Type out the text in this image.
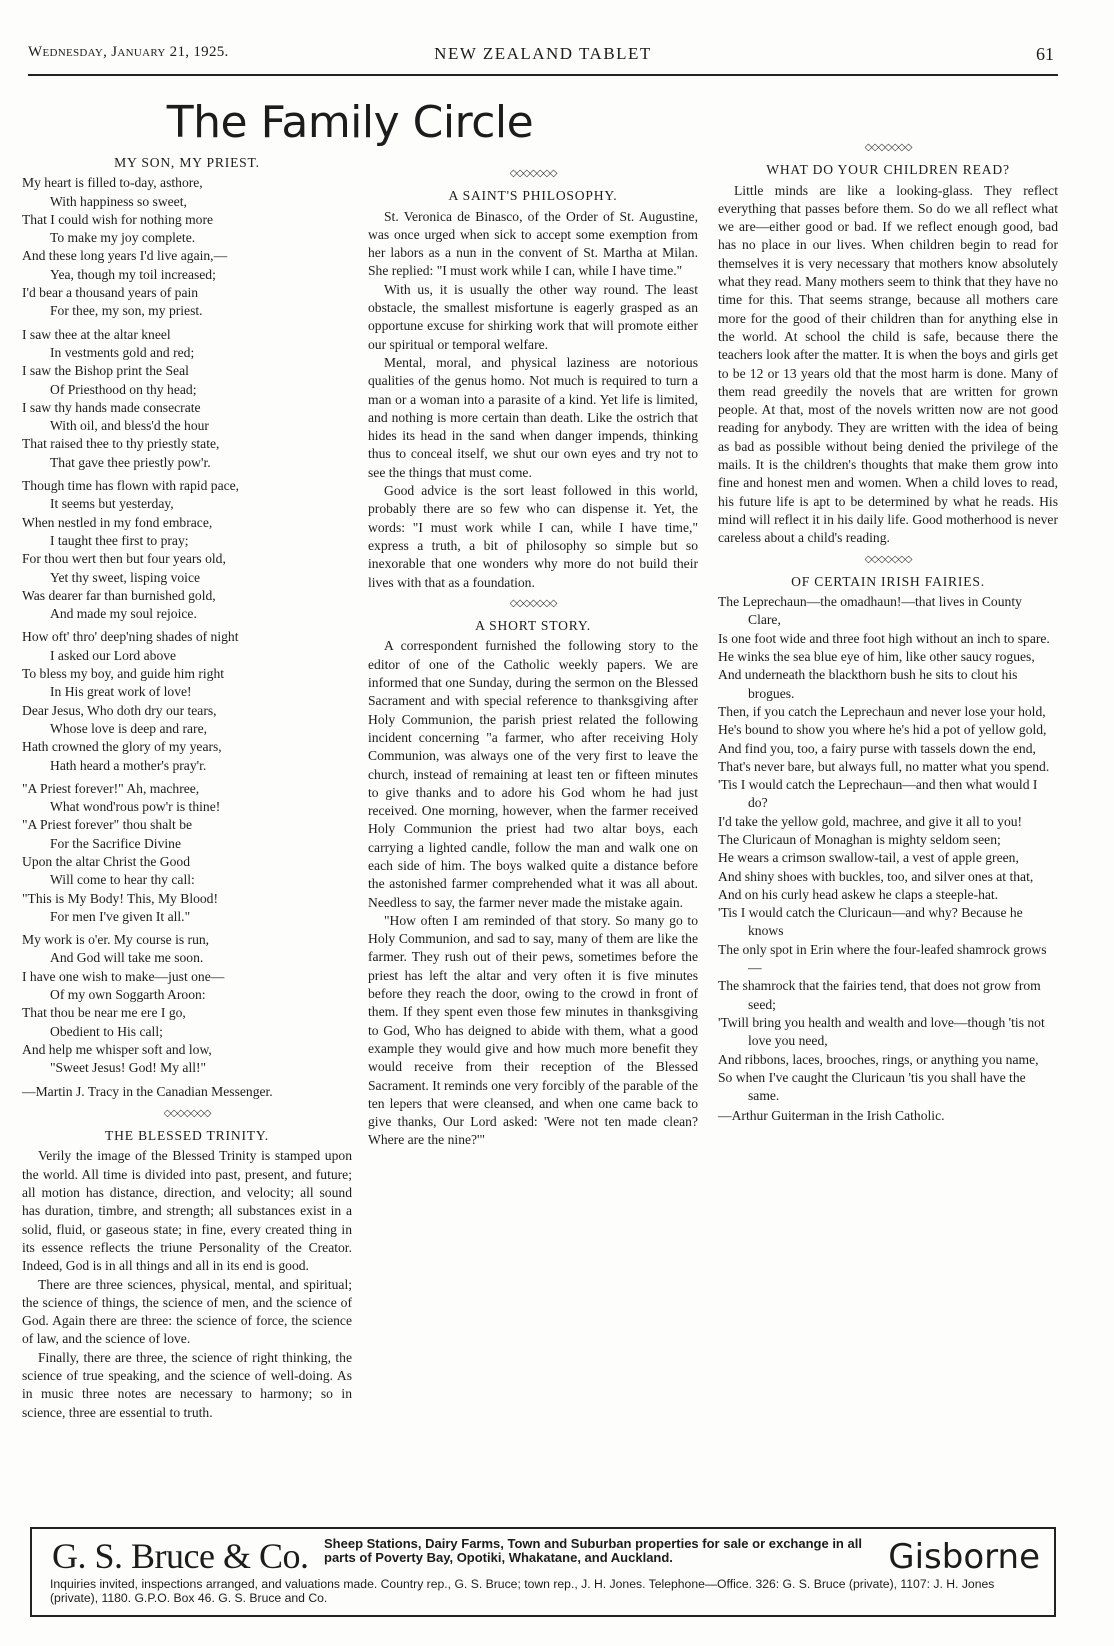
Wednesday, January 21, 1925.	NEW ZEALAND TABLET	61
The Family Circle
MY SON, MY PRIEST.
My heart is filled to-day, asthore,
With happiness so sweet,
That I could wish for nothing more
To make my joy complete.
And these long years I'd live again,—
Yea, though my toil increased;
I'd bear a thousand years of pain
For thee, my son, my priest.
I saw thee at the altar kneel
In vestments gold and red;
I saw the Bishop print the Seal
Of Priesthood on thy head;
I saw thy hands made consecrate
With oil, and bless'd the hour
That raised thee to thy priestly state,
That gave thee priestly pow'r.
Though time has flown with rapid pace,
It seems but yesterday,
When nestled in my fond embrace,
I taught thee first to pray;
For thou wert then but four years old,
Yet thy sweet, lisping voice
Was dearer far than burnished gold,
And made my soul rejoice.
How oft' thro' deep'ning shades of night
I asked our Lord above
To bless my boy, and guide him right
In His great work of love!
Dear Jesus, Who doth dry our tears,
Whose love is deep and rare,
Hath crowned the glory of my years,
Hath heard a mother's pray'r.
"A Priest forever!" Ah, machree,
What wond'rous pow'r is thine!
"A Priest forever" thou shalt be
For the Sacrifice Divine
Upon the altar Christ the Good
Will come to hear thy call:
"This is My Body! This, My Blood!
For men I've given It all."
My work is o'er. My course is run,
And God will take me soon.
I have one wish to make—just one—
Of my own Soggarth Aroon:
That thou be near me ere I go,
Obedient to His call;
And help me whisper soft and low,
"Sweet Jesus! God! My all!"
—Martin J. Tracy in the Canadian Messenger.
◇◇◇◇◇◇◇
THE BLESSED TRINITY.

Verily the image of the Blessed Trinity is stamped upon the world. All time is divided into past, present, and future; all motion has distance, direction, and velocity; all sound has duration, timbre, and strength; all substances exist in a solid, fluid, or gaseous state; in fine, every created thing in its essence reflects the triune Personality of the Creator. Indeed, God is in all things and all in its end is good.

There are three sciences, physical, mental, and spiritual; the science of things, the science of men, and the science of God. Again there are three: the science of force, the science of law, and the science of love.

Finally, there are three, the science of right thinking, the science of true speaking, and the science of well-doing. As in music three notes are necessary to harmony; so in science, three are essential to truth.

◇◇◇◇◇◇◇
A SAINT'S PHILOSOPHY.

St. Veronica de Binasco, of the Order of St. Augustine, was once urged when sick to accept some exemption from her labors as a nun in the convent of St. Martha at Milan. She replied: "I must work while I can, while I have time."

With us, it is usually the other way round. The least obstacle, the smallest misfortune is eagerly grasped as an opportune excuse for shirking work that will promote either our spiritual or temporal welfare.

Mental, moral, and physical laziness are notorious qualities of the genus homo. Not much is required to turn a man or a woman into a parasite of a kind. Yet life is limited, and nothing is more certain than death. Like the ostrich that hides its head in the sand when danger impends, thinking thus to conceal itself, we shut our own eyes and try not to see the things that must come.

Good advice is the sort least followed in this world, probably there are so few who can dispense it. Yet, the words: "I must work while I can, while I have time," express a truth, a bit of philosophy so simple but so inexorable that one wonders why more do not build their lives with that as a foundation.

◇◇◇◇◇◇◇
A SHORT STORY.

A correspondent furnished the following story to the editor of one of the Catholic weekly papers. We are informed that one Sunday, during the sermon on the Blessed Sacrament and with special reference to thanksgiving after Holy Communion, the parish priest related the following incident concerning "a farmer, who after receiving Holy Communion, was always one of the very first to leave the church, instead of remaining at least ten or fifteen minutes to give thanks and to adore his God whom he had just received. One morning, however, when the farmer received Holy Communion the priest had two altar boys, each carrying a lighted candle, follow the man and walk one on each side of him. The boys walked quite a distance before the astonished farmer comprehended what it was all about. Needless to say, the farmer never made the mistake again.

"How often I am reminded of that story. So many go to Holy Communion, and sad to say, many of them are like the farmer. They rush out of their pews, sometimes before the priest has left the altar and very often it is five minutes before they reach the door, owing to the crowd in front of them. If they spent even those few minutes in thanksgiving to God, Who has deigned to abide with them, what a good example they would give and how much more benefit they would receive from their reception of the Blessed Sacrament. It reminds one very forcibly of the parable of the ten lepers that were cleansed, and when one came back to give thanks, Our Lord asked: 'Were not ten made clean? Where are the nine?'"

◇◇◇◇◇◇◇
WHAT DO YOUR CHILDREN READ?

Little minds are like a looking-glass. They reflect everything that passes before them. So do we all reflect what we are—either good or bad. If we reflect enough good, bad has no place in our lives. When children begin to read for themselves it is very necessary that mothers know absolutely what they read. Many mothers seem to think that they have no time for this. That seems strange, because all mothers care more for the good of their children than for anything else in the world. At school the child is safe, because there the teachers look after the matter. It is when the boys and girls get to be 12 or 13 years old that the most harm is done. Many of them read greedily the novels that are written for grown people. At that, most of the novels written now are not good reading for anybody. They are written with the idea of being as bad as possible without being denied the privilege of the mails. It is the children's thoughts that make them grow into fine and honest men and women. When a child loves to read, his future life is apt to be determined by what he reads. His mind will reflect it in his daily life. Good motherhood is never careless about a child's reading.

◇◇◇◇◇◇◇
OF CERTAIN IRISH FAIRIES.
The Leprechaun—the omadhaun!—that lives in County Clare,
Is one foot wide and three foot high without an inch to spare.
He winks the sea blue eye of him, like other saucy rogues,
And underneath the blackthorn bush he sits to clout his brogues.
Then, if you catch the Leprechaun and never lose your hold,
He's bound to show you where he's hid a pot of yellow gold,
And find you, too, a fairy purse with tassels down the end,
That's never bare, but always full, no matter what you spend.
'Tis I would catch the Leprechaun—and then what would I do?
I'd take the yellow gold, machree, and give it all to you!
The Cluricaun of Monaghan is mighty seldom seen;
He wears a crimson swallow-tail, a vest of apple green,
And shiny shoes with buckles, too, and silver ones at that,
And on his curly head askew he claps a steeple-hat.
'Tis I would catch the Cluricaun—and why? Because he knows
The only spot in Erin where the four-leafed shamrock grows—
The shamrock that the fairies tend, that does not grow from seed;
'Twill bring you health and wealth and love—though 'tis not love you need,
And ribbons, laces, brooches, rings, or anything you name,
So when I've caught the Cluricaun 'tis you shall have the same.
—Arthur Guiterman in the Irish Catholic.
G. S. Bruce & Co. Sheep Stations, Dairy Farms, Town and Suburban properties for sale or exchange in all parts of Poverty Bay, Opotiki, Whakatane, and Auckland.	Gisborne
Inquiries invited, inspections arranged, and valuations made. Country rep., G. S. Bruce; town rep., J. H. Jones. Telephone—Office. 326: G. S. Bruce (private), 1107: J. H. Jones (private), 1180. G.P.O. Box 46. G. S. Bruce and Co.
